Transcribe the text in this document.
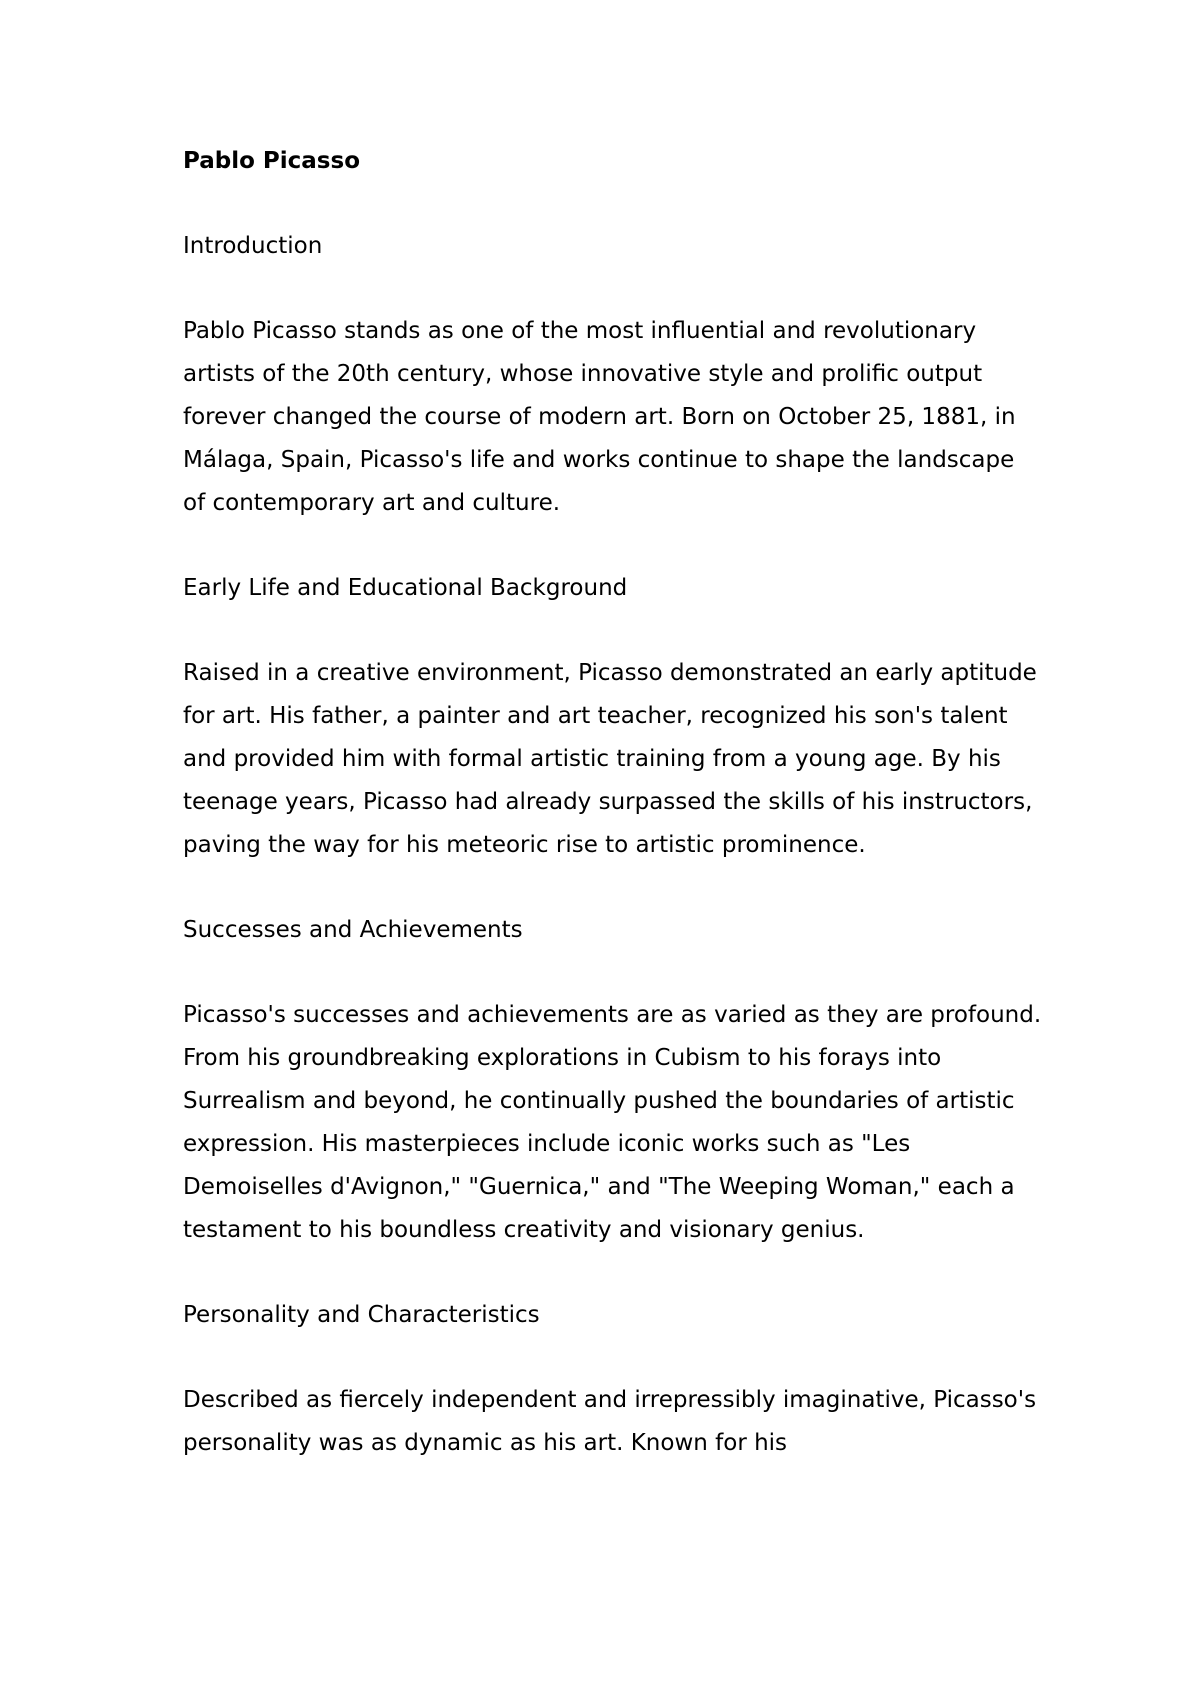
Pablo Picasso

Introduction

Pablo Picasso stands as one of the most influential and revolutionary artists of the 20th century, whose innovative style and prolific output forever changed the course of modern art. Born on October 25, 1881, in Málaga, Spain, Picasso's life and works continue to shape the landscape of contemporary art and culture.

Early Life and Educational Background

Raised in a creative environment, Picasso demonstrated an early aptitude for art. His father, a painter and art teacher, recognized his son's talent and provided him with formal artistic training from a young age. By his teenage years, Picasso had already surpassed the skills of his instructors, paving the way for his meteoric rise to artistic prominence.

Successes and Achievements

Picasso's successes and achievements are as varied as they are profound. From his groundbreaking explorations in Cubism to his forays into Surrealism and beyond, he continually pushed the boundaries of artistic expression. His masterpieces include iconic works such as "Les Demoiselles d'Avignon," "Guernica," and "The Weeping Woman," each a testament to his boundless creativity and visionary genius.

Personality and Characteristics

Described as fiercely independent and irrepressibly imaginative, Picasso's personality was as dynamic as his art. Known for his
